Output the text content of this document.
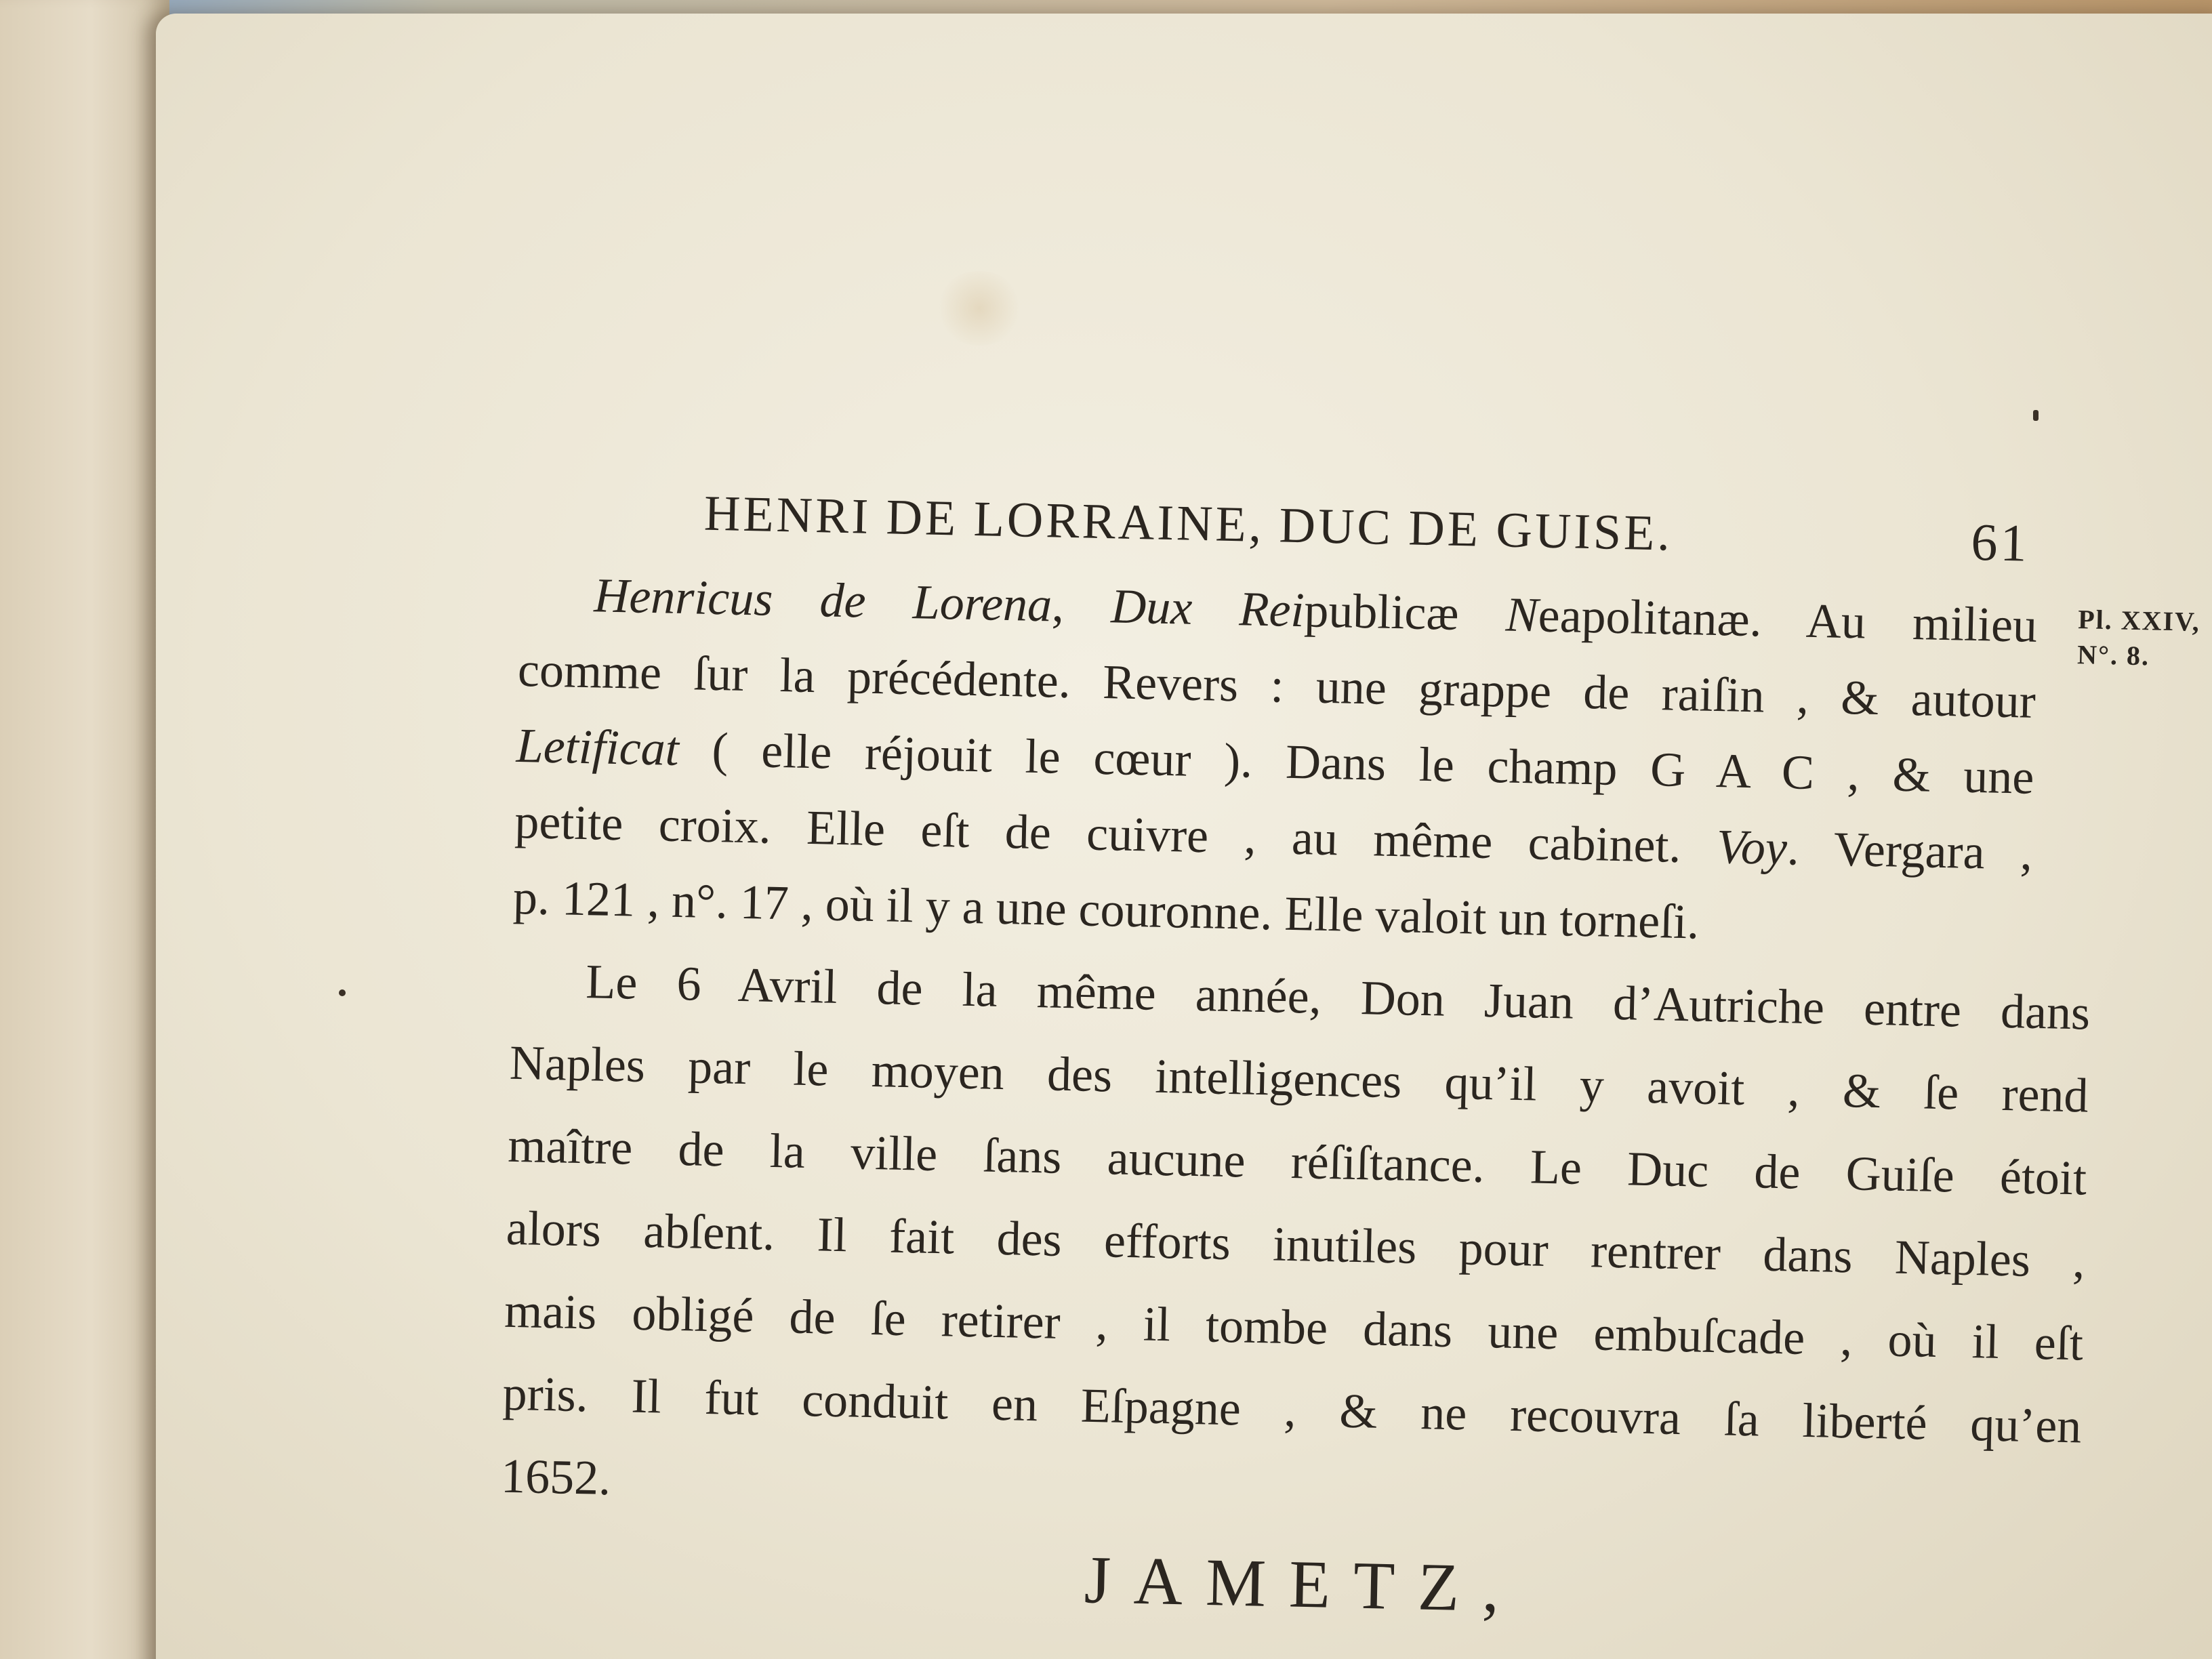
HENRI DE LORRAINE, DUC DE GUISE.	61
Pl. XXIV,
N°. 8.
Henricus de Lorena, Dux Reipublicæ Neapolitanæ. Au milieu
comme ſur la précédente. Revers : une grappe de raiſin , & autour
Letificat ( elle réjouit le cœur ). Dans le champ G A C , & une
petite croix. Elle eſt de cuivre , au même cabinet. Voy. Vergara ,
p. 121 , n°. 17 , où il y a une couronne. Elle valoit un torneſi.
Le 6 Avril de la même année, Don Juan d’Autriche entre dans
Naples par le moyen des intelligences qu’il y avoit , & ſe rend
maître de la ville ſans aucune réſiſtance. Le Duc de Guiſe étoit
alors abſent. Il fait des efforts inutiles pour rentrer dans Naples ,
mais obligé de ſe retirer , il tombe dans une embuſcade , où il eſt
pris. Il fut conduit en Eſpagne , & ne recouvra ſa liberté qu’en
1652.
JAMETZ,
